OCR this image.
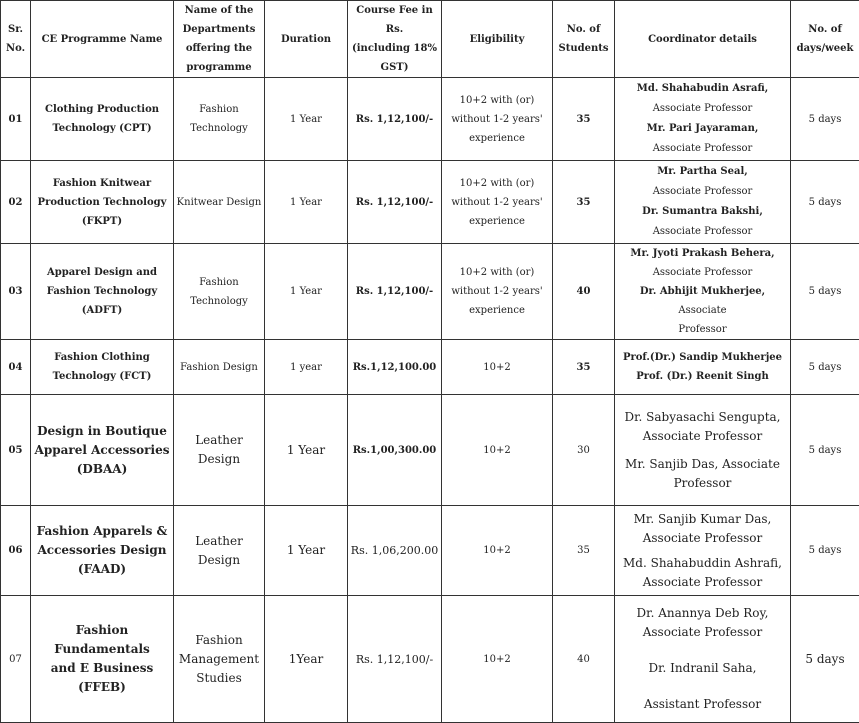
Sr.
No.	CE Programme Name	Name of the
Departments
offering the
programme	Duration	Course Fee in Rs.
(including 18%
GST)	Eligibility	No. of
Students	Coordinator details	No. of
days/week

01	Clothing Production
Technology (CPT)	Fashion
Technology	1 Year	Rs. 1,12,100/-	10+2 with (or)
without 1-2 years'
experience	35	Md. Shahabudin Asrafi,
Associate Professor
Mr. Pari Jayaraman,
Associate Professor	5 days
02	Fashion Knitwear
Production Technology
(FKPT)	Knitwear Design	1 Year	Rs. 1,12,100/-	10+2 with (or)
without 1-2 years'
experience	35	Mr. Partha Seal,
Associate Professor
Dr. Sumantra Bakshi,
Associate Professor	5 days
03	Apparel Design and
Fashion Technology
(ADFT)	Fashion
Technology	1 Year	Rs. 1,12,100/-	10+2 with (or)
without 1-2 years'
experience	40	Mr. Jyoti Prakash Behera,
Associate Professor
Dr. Abhijit Mukherjee, Associate
Professor	5 days
04	Fashion Clothing
Technology (FCT)	Fashion Design	1 year	Rs.1,12,100.00	10+2	35	Prof.(Dr.) Sandip Mukherjee
Prof. (Dr.) Reenit Singh	5 days
05	Design in Boutique
Apparel Accessories
(DBAA)	Leather Design	1 Year	Rs.1,00,300.00	10+2	30	Dr. Sabyasachi Sengupta,
Associate Professor
Mr. Sanjib Das, Associate
Professor	5 days
06	Fashion Apparels &
Accessories Design
(FAAD)	Leather Design	1 Year	Rs. 1,06,200.00	10+2	35	Mr. Sanjib Kumar Das,
Associate Professor
Md. Shahabuddin Ashrafi,
Associate Professor	5 days
07	Fashion Fundamentals
and E Business (FFEB)	Fashion
Management
Studies	1Year	Rs. 1,12,100/-	10+2	40	Dr. Anannya Deb Roy,
Associate Professor
Dr. Indranil Saha,
Assistant Professor	5 days
